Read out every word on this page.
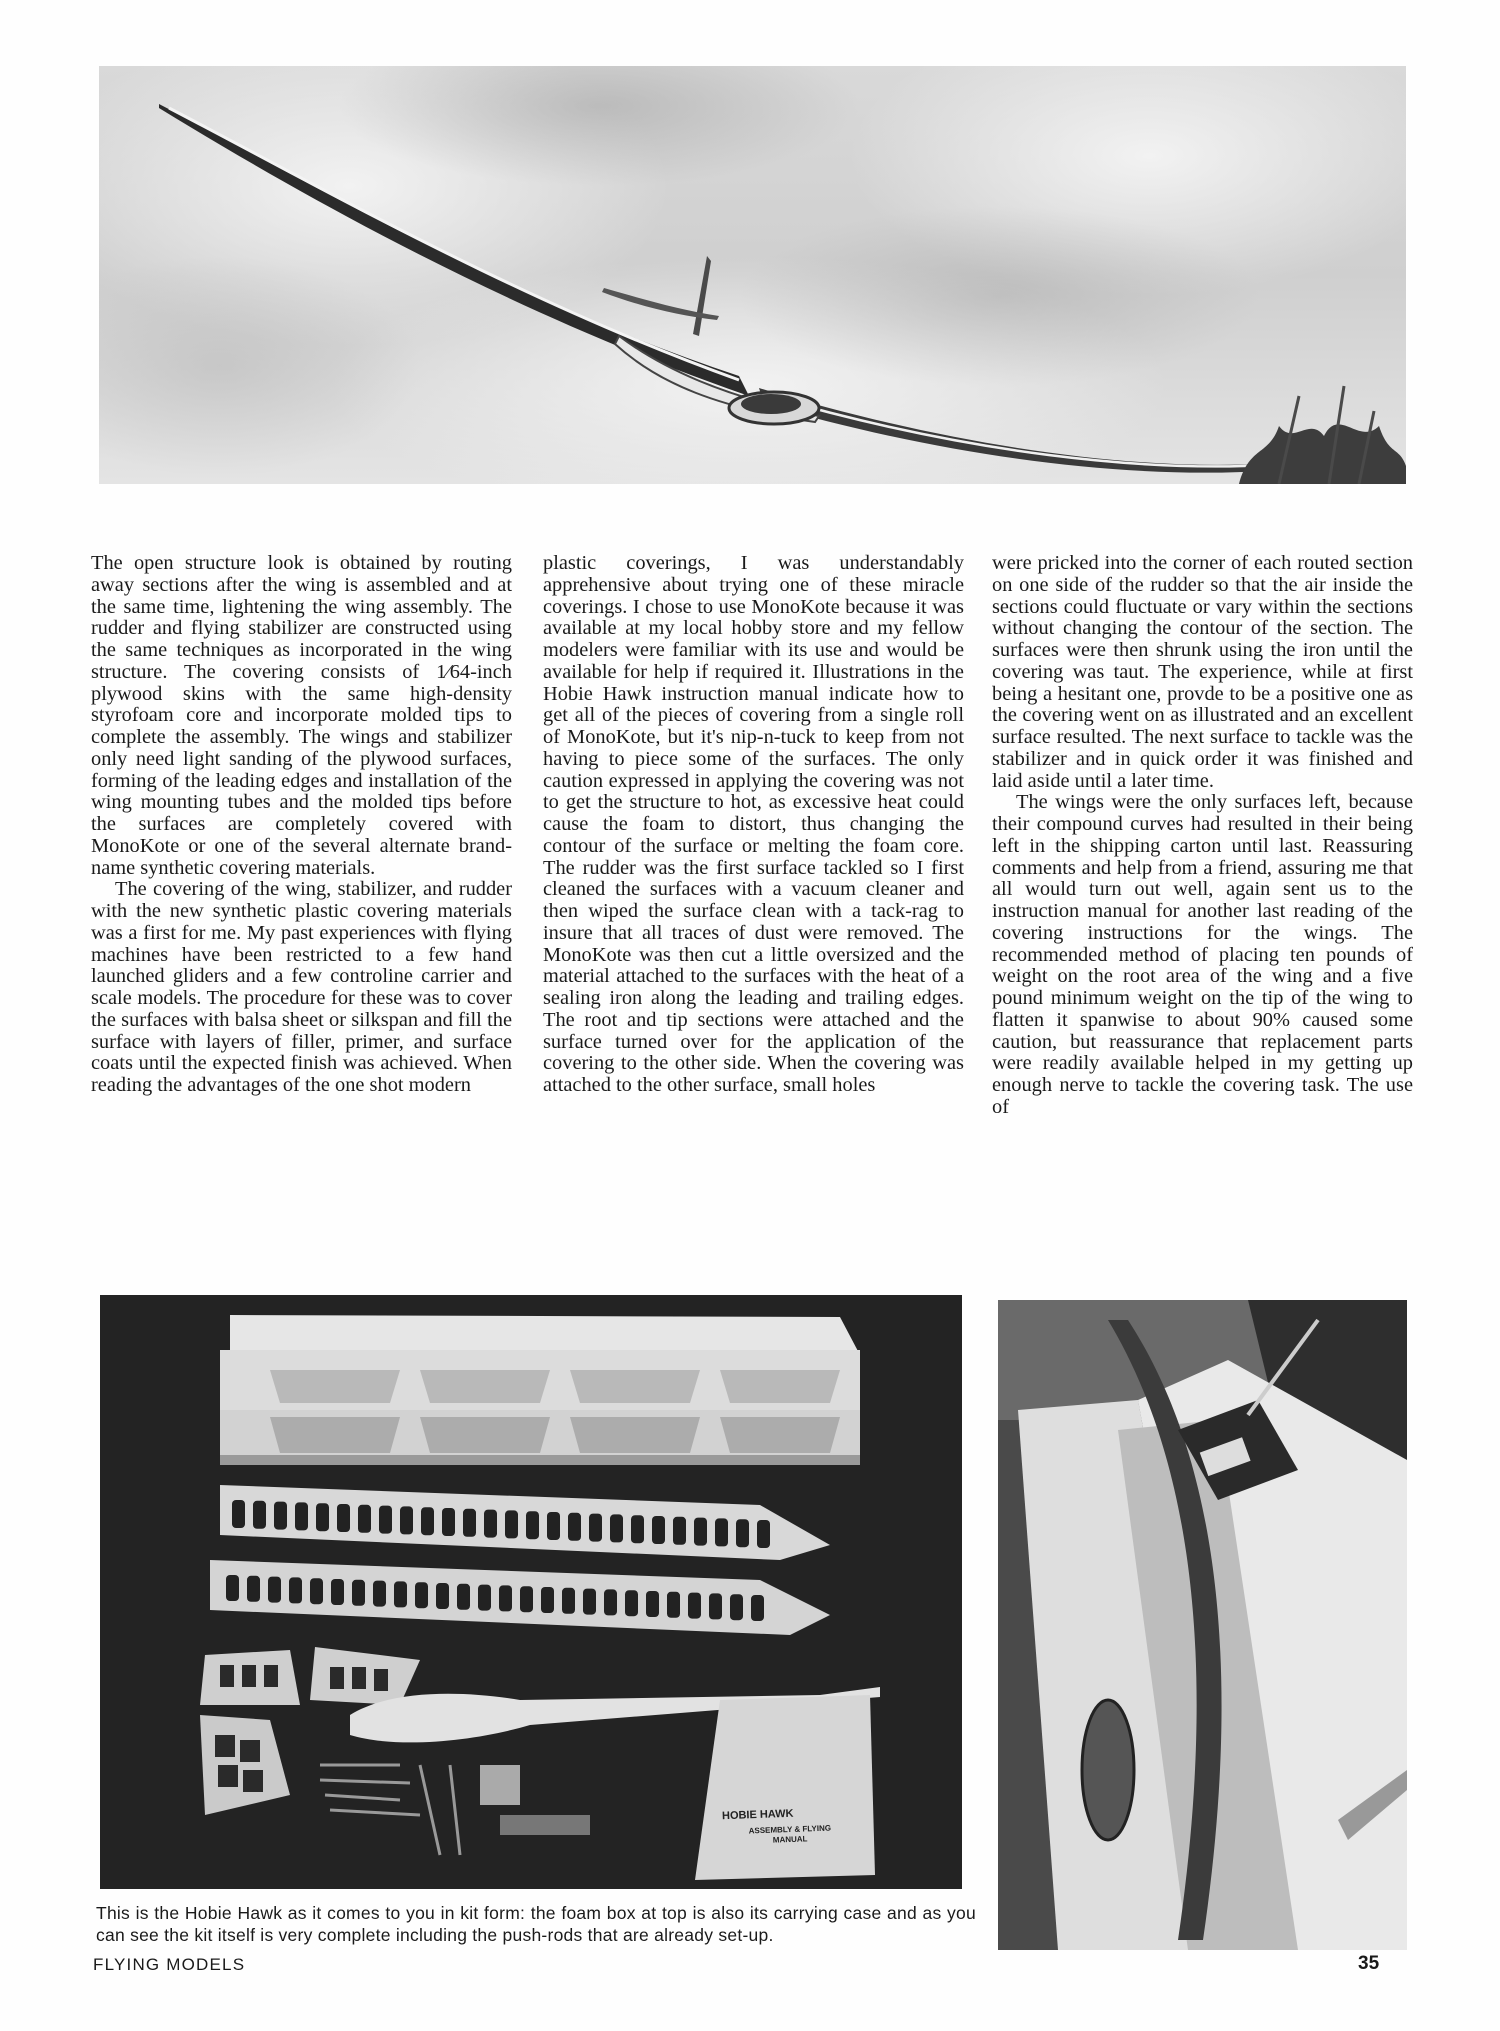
The open structure look is obtained by routing away sections after the wing is assembled and at the same time, lightening the wing assembly. The rudder and flying stabilizer are constructed using the same techniques as incorporated in the wing structure. The covering consists of 1⁄64-inch plywood skins with the same high-density styrofoam core and incorporate molded tips to complete the assembly. The wings and stabilizer only need light sanding of the plywood surfaces, forming of the leading edges and installation of the wing mounting tubes and the molded tips before the surfaces are completely covered with MonoKote or one of the several alternate brand-name synthetic covering materials.

The covering of the wing, stabilizer, and rudder with the new synthetic plastic covering materials was a first for me. My past experiences with flying machines have been restricted to a few hand launched gliders and a few controline carrier and scale models. The procedure for these was to cover the surfaces with balsa sheet or silkspan and fill the surface with layers of filler, primer, and surface coats until the expected finish was achieved. When reading the advantages of the one shot modern

plastic coverings, I was understandably apprehensive about trying one of these miracle coverings. I chose to use MonoKote because it was available at my local hobby store and my fellow modelers were familiar with its use and would be available for help if required it. Illustrations in the Hobie Hawk instruction manual indicate how to get all of the pieces of covering from a single roll of MonoKote, but it's nip-n-tuck to keep from not having to piece some of the surfaces. The only caution expressed in applying the covering was not to get the structure to hot, as excessive heat could cause the foam to distort, thus changing the contour of the surface or melting the foam core. The rudder was the first surface tackled so I first cleaned the surfaces with a vacuum cleaner and then wiped the surface clean with a tack-rag to insure that all traces of dust were removed. The MonoKote was then cut a little oversized and the material attached to the surfaces with the heat of a sealing iron along the leading and trailing edges. The root and tip sections were attached and the surface turned over for the application of the covering to the other side. When the covering was attached to the other surface, small holes

were pricked into the corner of each routed section on one side of the rudder so that the air inside the sections could fluctuate or vary within the sections without changing the contour of the section. The surfaces were then shrunk using the iron until the covering was taut. The experience, while at first being a hesitant one, provde to be a positive one as the covering went on as illustrated and an excellent surface resulted. The next surface to tackle was the stabilizer and in quick order it was finished and laid aside until a later time.

The wings were the only surfaces left, because their compound curves had resulted in their being left in the shipping carton until last. Reassuring comments and help from a friend, assuring me that all would turn out well, again sent us to the instruction manual for another last reading of the covering instructions for the wings. The recommended method of placing ten pounds of weight on the root area of the wing and a five pound minimum weight on the tip of the wing to flatten it spanwise to about 90% caused some caution, but reassurance that replacement parts were readily available helped in my getting up enough nerve to tackle the covering task. The use of

HOBIE HAWK
ASSEMBLY & FLYING MANUAL
This is the Hobie Hawk as it comes to you in kit form: the foam box at top is also its carrying case and as you can see the kit itself is very complete including the push-rods that are already set-up.
FLYING MODELS	35
